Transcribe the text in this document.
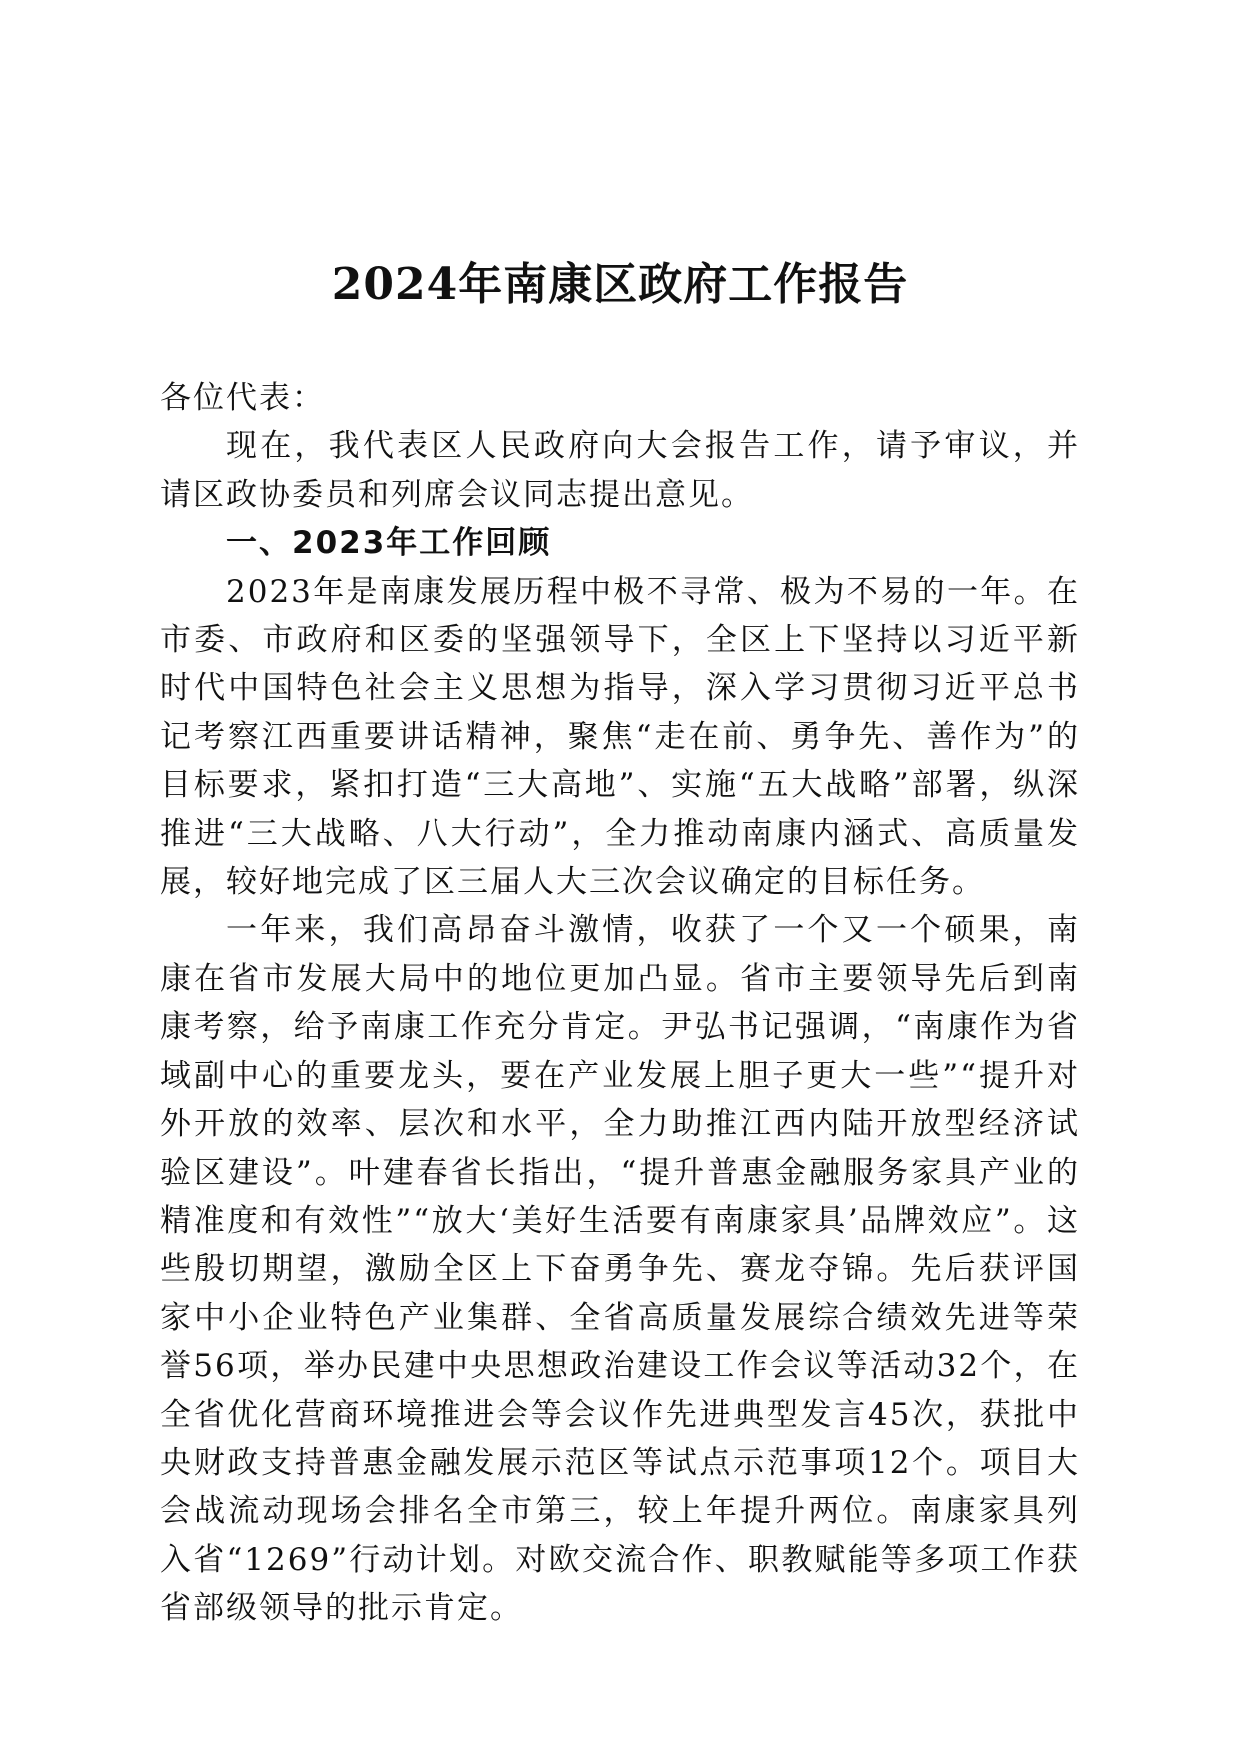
2024年南康区政府工作报告

各位代表：

现在，我代表区人民政府向大会报告工作，请予审议，并请区政协委员和列席会议同志提出意见。

一、2023年工作回顾

2023年是南康发展历程中极不寻常、极为不易的一年。在市委、市政府和区委的坚强领导下，全区上下坚持以习近平新时代中国特色社会主义思想为指导，深入学习贯彻习近平总书记考察江西重要讲话精神，聚焦“走在前、勇争先、善作为”的目标要求，紧扣打造“三大高地”、实施“五大战略”部署，纵深推进“三大战略、八大行动”，全力推动南康内涵式、高质量发展，较好地完成了区三届人大三次会议确定的目标任务。

一年来，我们高昂奋斗激情，收获了一个又一个硕果，南康在省市发展大局中的地位更加凸显。省市主要领导先后到南康考察，给予南康工作充分肯定。尹弘书记强调，“南康作为省域副中心的重要龙头，要在产业发展上胆子更大一些”“提升对外开放的效率、层次和水平，全力助推江西内陆开放型经济试验区建设”。叶建春省长指出，“提升普惠金融服务家具产业的精准度和有效性”“放大‘美好生活要有南康家具’品牌效应”。这些殷切期望，激励全区上下奋勇争先、赛龙夺锦。先后获评国家中小企业特色产业集群、全省高质量发展综合绩效先进等荣誉56项，举办民建中央思想政治建设工作会议等活动32个，在全省优化营商环境推进会等会议作先进典型发言45次，获批中央财政支持普惠金融发展示范区等试点示范事项12个。项目大会战流动现场会排名全市第三，较上年提升两位。南康家具列入省“1269”行动计划。对欧交流合作、职教赋能等多项工作获省部级领导的批示肯定。
